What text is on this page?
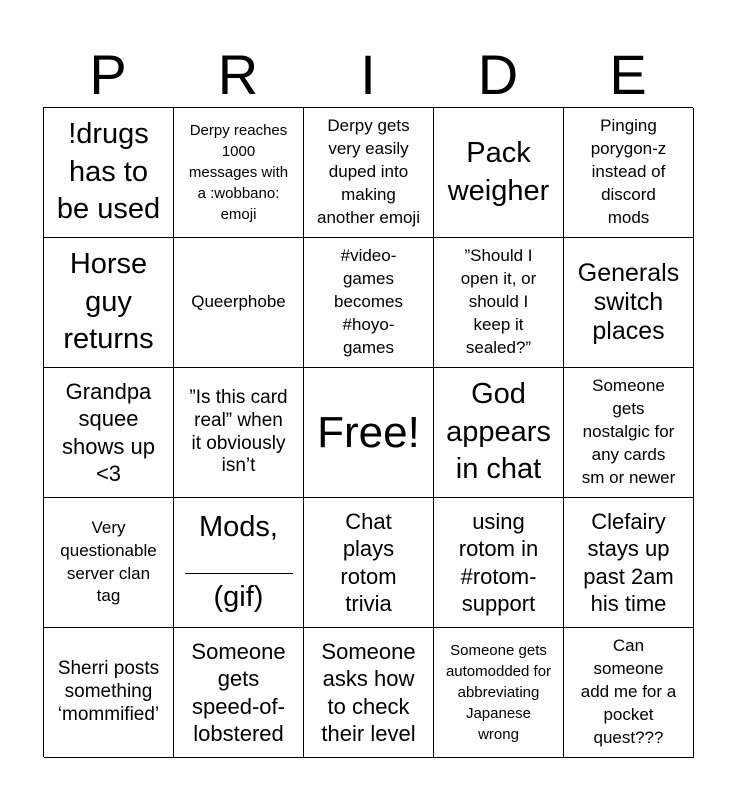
P	R	I	D	E
!drugs
has to
be used
Derpy reaches
1000
messages with
a :wobbano:
emoji
Derpy gets
very easily
duped into
making
another emoji
Pack
weigher
Pinging
porygon-z
instead of
discord
mods
Horse
guy
returns
Queerphobe
#video-
games
becomes
#hoyo-
games
”Should I
open it, or
should I
keep it
sealed?”
Generals
switch
places
Grandpa
squee
shows up
<3
”Is this card
real” when
it obviously
isn’t
Free!
God
appears
in chat
Someone
gets
nostalgic for
any cards
sm or newer
Very
questionable
server clan
tag
Mods,
(gif)
Chat
plays
rotom
trivia
using
rotom in
#rotom-
support
Clefairy
stays up
past 2am
his time
Sherri posts
something
‘mommified’
Someone
gets
speed-of-
lobstered
Someone
asks how
to check
their level
Someone gets
automodded for
abbreviating
Japanese
wrong
Can
someone
add me for a
pocket
quest???
